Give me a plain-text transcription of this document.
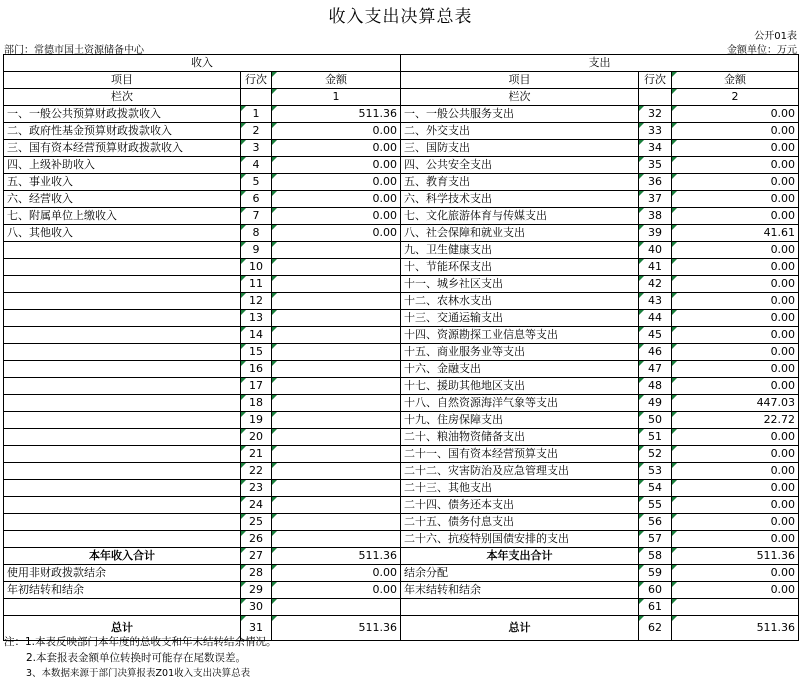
收入支出决算总表
公开01表
部门：常德市国土资源储备中心	金额单位：万元
收入			支出		
项目	行次	金额	项目	行次	金额
栏次		1	栏次		2
一、一般公共预算财政拨款收入	1	511.36	一、一般公共服务支出	32	0.00
二、政府性基金预算财政拨款收入	2	0.00	二、外交支出	33	0.00
三、国有资本经营预算财政拨款收入	3	0.00	三、国防支出	34	0.00
四、上级补助收入	4	0.00	四、公共安全支出	35	0.00
五、事业收入	5	0.00	五、教育支出	36	0.00
六、经营收入	6	0.00	六、科学技术支出	37	0.00
七、附属单位上缴收入	7	0.00	七、文化旅游体育与传媒支出	38	0.00
八、其他收入	8	0.00	八、社会保障和就业支出	39	41.61
	9		九、卫生健康支出	40	0.00
	10		十、节能环保支出	41	0.00
	11		十一、城乡社区支出	42	0.00
	12		十二、农林水支出	43	0.00
	13		十三、交通运输支出	44	0.00
	14		十四、资源勘探工业信息等支出	45	0.00
	15		十五、商业服务业等支出	46	0.00
	16		十六、金融支出	47	0.00
	17		十七、援助其他地区支出	48	0.00
	18		十八、自然资源海洋气象等支出	49	447.03
	19		十九、住房保障支出	50	22.72
	20		二十、粮油物资储备支出	51	0.00
	21		二十一、国有资本经营预算支出	52	0.00
	22		二十二、灾害防治及应急管理支出	53	0.00
	23		二十三、其他支出	54	0.00
	24		二十四、债务还本支出	55	0.00
	25		二十五、债务付息支出	56	0.00
	26		二十六、抗疫特别国债安排的支出	57	0.00
本年收入合计	27	511.36	本年支出合计	58	511.36
使用非财政拨款结余	28	0.00	结余分配	59	0.00
年初结转和结余	29	0.00	年末结转和结余	60	0.00
	30			61	
总计	31	511.36	总计	62	511.36
注：1.本表反映部门本年度的总收支和年末结转结余情况。
2.本套报表金额单位转换时可能存在尾数误差。
3、本数据来源于部门决算报表Z01收入支出决算总表
